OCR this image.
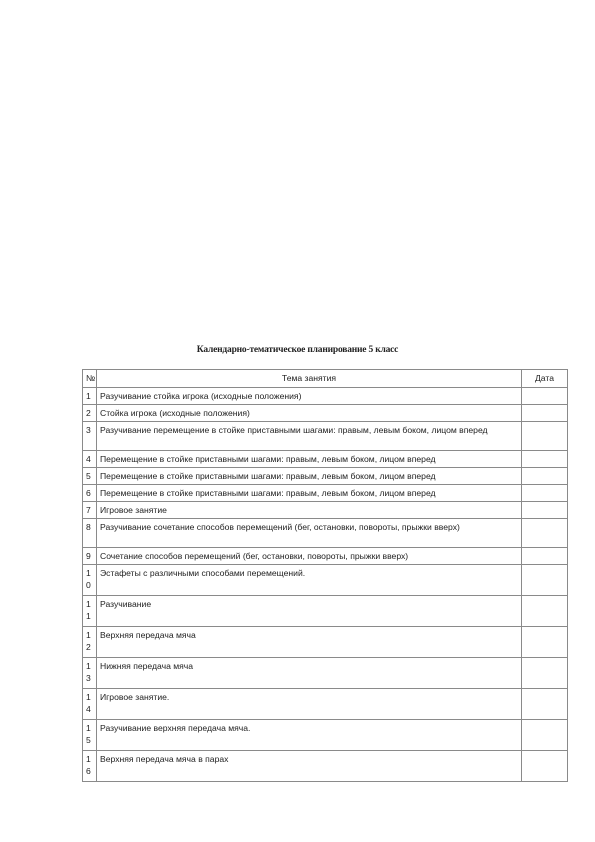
Календарно-тематическое планирование 5 класс
№	Тема занятия	Дата

1	Разучивание стойка игрока (исходные положения)	

2	Стойка игрока (исходные положения)	

3	Разучивание перемещение в стойке приставными шагами: правым, левым боком, лицом вперед	

4	Перемещение в стойке приставными шагами: правым, левым боком, лицом вперед	

5	Перемещение в стойке приставными шагами: правым, левым боком, лицом вперед	

6	Перемещение в стойке приставными шагами: правым, левым боком, лицом вперед	

7	Игровое занятие	

8	Разучивание сочетание способов перемещений (бег, остановки, повороты, прыжки вверх)	

9	Сочетание способов перемещений (бег, остановки, повороты, прыжки вверх)	

10	Эстафеты с различными способами перемещений.	

11	Разучивание	

12	Верхняя передача мяча	

13	Нижняя передача мяча	

14	Игровое занятие.	

15	Разучивание верхняя передача мяча.	

16	Верхняя передача мяча в парах	
